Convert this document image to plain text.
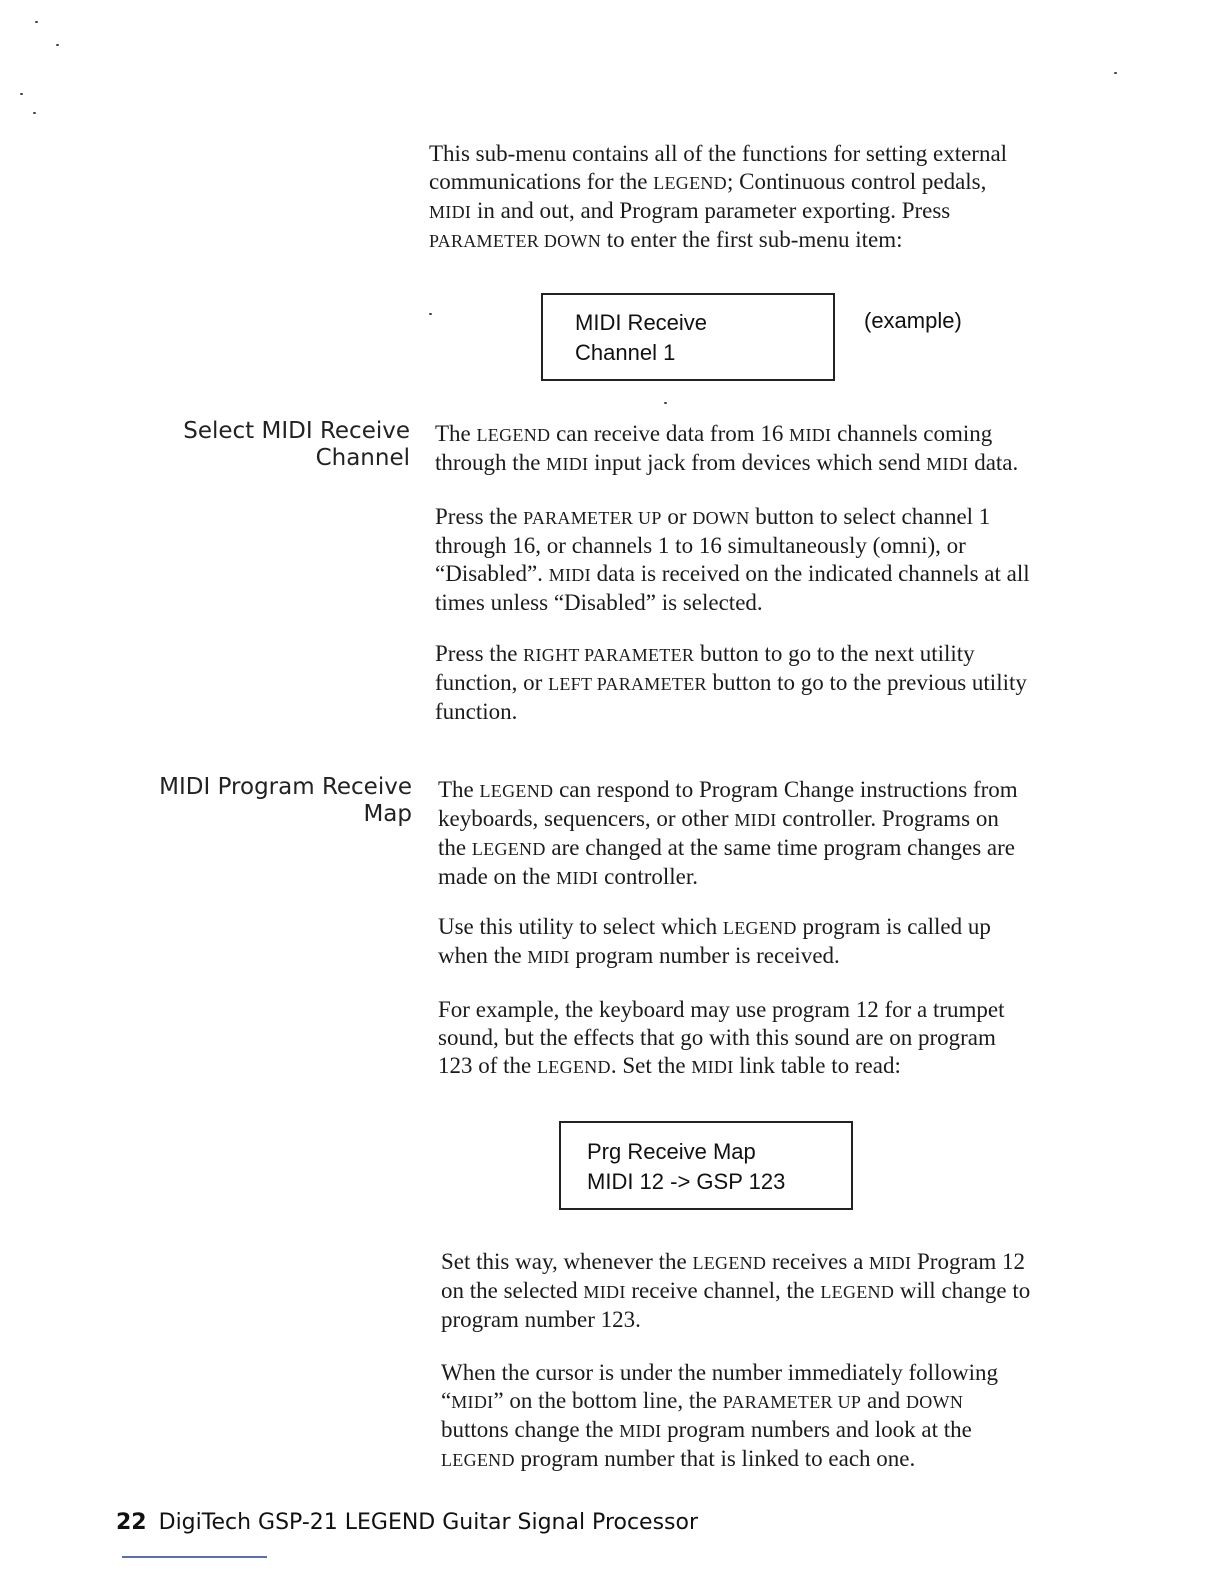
This sub-menu contains all of the functions for setting external
communications for the LEGEND; Continuous control pedals,
MIDI in and out, and Program parameter exporting. Press
PARAMETER DOWN to enter the first sub-menu item:

MIDI Receive
Channel 1
(example)
Select MIDI Receive
Channel

The LEGEND can receive data from 16 MIDI channels coming
through the MIDI input jack from devices which send MIDI data.

Press the PARAMETER UP or DOWN button to select channel 1
through 16, or channels 1 to 16 simultaneously (omni), or
“Disabled”. MIDI data is received on the indicated channels at all
times unless “Disabled” is selected.

Press the RIGHT PARAMETER button to go to the next utility
function, or LEFT PARAMETER button to go to the previous utility
function.

MIDI Program Receive
Map

The LEGEND can respond to Program Change instructions from
keyboards, sequencers, or other MIDI controller. Programs on
the LEGEND are changed at the same time program changes are
made on the MIDI controller.

Use this utility to select which LEGEND program is called up
when the MIDI program number is received.

For example, the keyboard may use program 12 for a trumpet
sound, but the effects that go with this sound are on program
123 of the LEGEND. Set the MIDI link table to read:

Prg Receive Map
MIDI 12 -> GSP 123

Set this way, whenever the LEGEND receives a MIDI Program 12
on the selected MIDI receive channel, the LEGEND will change to
program number 123.

When the cursor is under the number immediately following
“MIDI” on the bottom line, the PARAMETER UP and DOWN
buttons change the MIDI program numbers and look at the
LEGEND program number that is linked to each one.

22 DigiTech GSP-21 LEGEND Guitar Signal Processor
